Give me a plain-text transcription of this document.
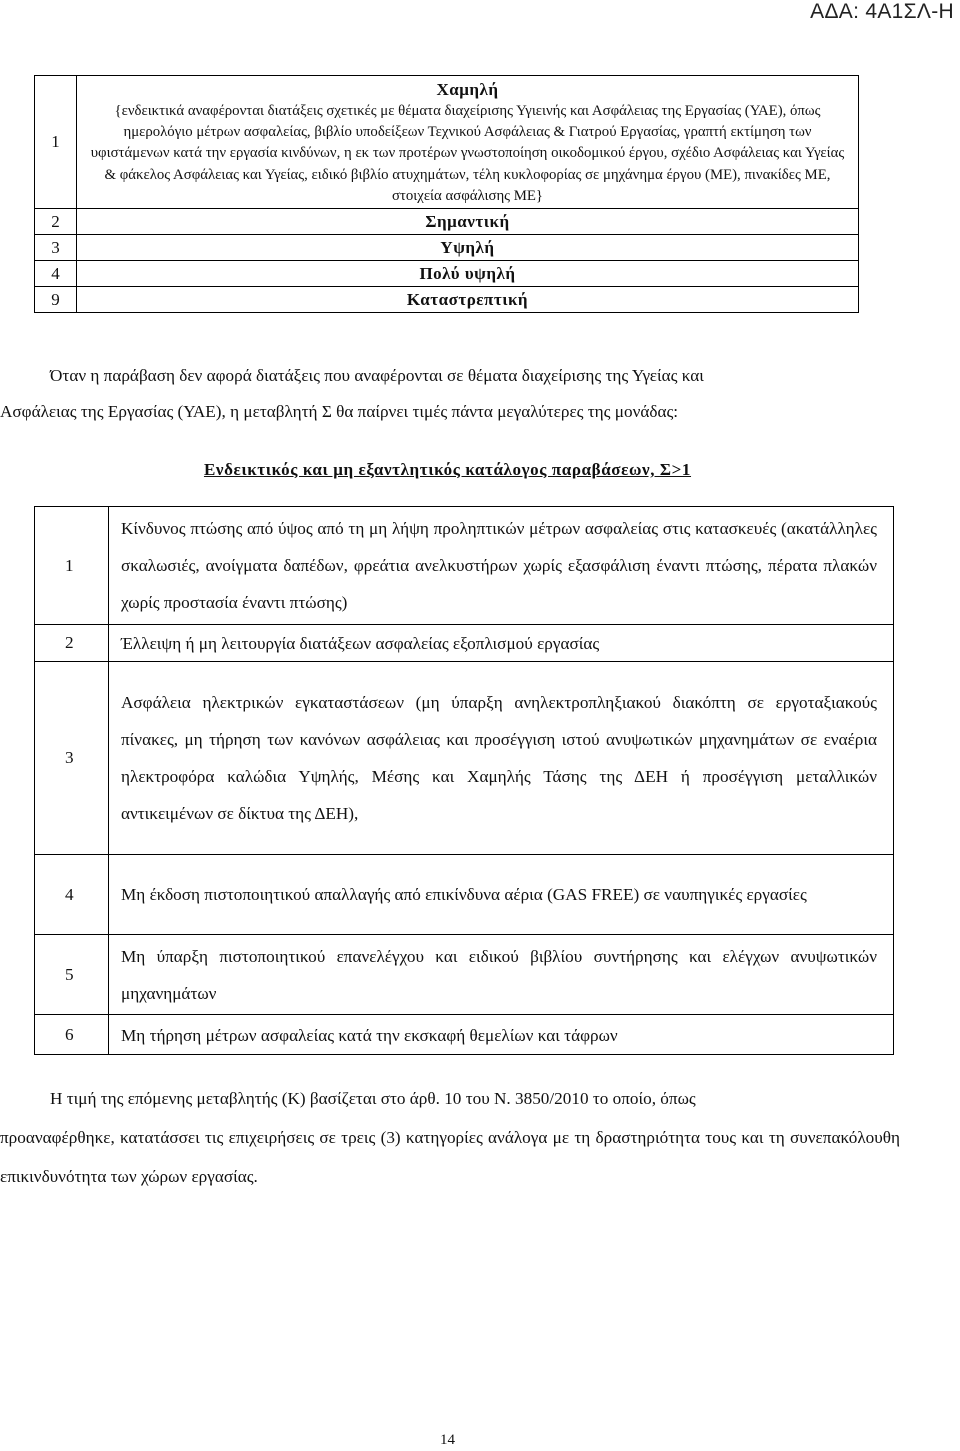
ΑΔΑ: 4Α1ΣΛ-Η
1	Χαμηλή
{ενδεικτικά αναφέρονται διατάξεις σχετικές με θέματα διαχείρισης Υγιεινής και Ασφάλειας της Εργασίας (ΥΑΕ), όπως ημερολόγιο μέτρων ασφαλείας, βιβλίο υποδείξεων Τεχνικού Ασφάλειας & Γιατρού Εργασίας, γραπτή εκτίμηση των υφιστάμενων κατά την εργασία κινδύνων, η εκ των προτέρων γνωστοποίηση οικοδομικού έργου, σχέδιο Ασφάλειας και Υγείας & φάκελος Ασφάλειας και Υγείας, ειδικό βιβλίο ατυχημάτων, τέλη κυκλοφορίας σε μηχάνημα έργου (ΜΕ), πινακίδες ΜΕ, στοιχεία ασφάλισης ΜΕ}

2	Σημαντική
3	Υψηλή
4	Πολύ υψηλή
9	Καταστρεπτική
Όταν η παράβαση δεν αφορά διατάξεις που αναφέρονται σε θέματα διαχείρισης της Υγείας και
Ασφάλειας της Εργασίας (ΥΑΕ), η μεταβλητή Σ θα παίρνει τιμές πάντα μεγαλύτερες της μονάδας:
Ενδεικτικός και μη εξαντλητικός κατάλογος παραβάσεων, Σ>1
1	Κίνδυνος πτώσης από ύψος από τη μη λήψη προληπτικών μέτρων ασφαλείας στις κατασκευές (ακατάλληλες σκαλωσιές, ανοίγματα δαπέδων, φρεάτια ανελκυστήρων χωρίς εξασφάλιση έναντι πτώσης, πέρατα πλακών χωρίς προστασία έναντι πτώσης)
2	Έλλειψη ή μη λειτουργία διατάξεων ασφαλείας εξοπλισμού εργασίας
3	Ασφάλεια ηλεκτρικών εγκαταστάσεων (μη ύπαρξη ανηλεκτροπληξιακού διακόπτη σε εργοταξιακούς πίνακες, μη τήρηση των κανόνων ασφάλειας και προσέγγιση ιστού ανυψωτικών μηχανημάτων σε εναέρια ηλεκτροφόρα καλώδια Υψηλής, Μέσης και Χαμηλής Τάσης της ΔΕΗ ή προσέγγιση μεταλλικών αντικειμένων σε δίκτυα της ΔΕΗ),
4	Μη έκδοση πιστοποιητικού απαλλαγής από επικίνδυνα αέρια (GAS FREE) σε ναυπηγικές εργασίες
5	Μη ύπαρξη πιστοποιητικού επανελέγχου και ειδικού βιβλίου συντήρησης και ελέγχων ανυψωτικών μηχανημάτων
6	Μη τήρηση μέτρων ασφαλείας κατά την εκσκαφή θεμελίων και τάφρων
Η τιμή της επόμενης μεταβλητής (Κ) βασίζεται στο άρθ. 10 του Ν. 3850/2010 το οποίο, όπως
προαναφέρθηκε, κατατάσσει τις επιχειρήσεις σε τρεις (3) κατηγορίες ανάλογα με τη δραστηριότητα τους και τη συνεπακόλουθη επικινδυνότητα των χώρων εργασίας.
14
